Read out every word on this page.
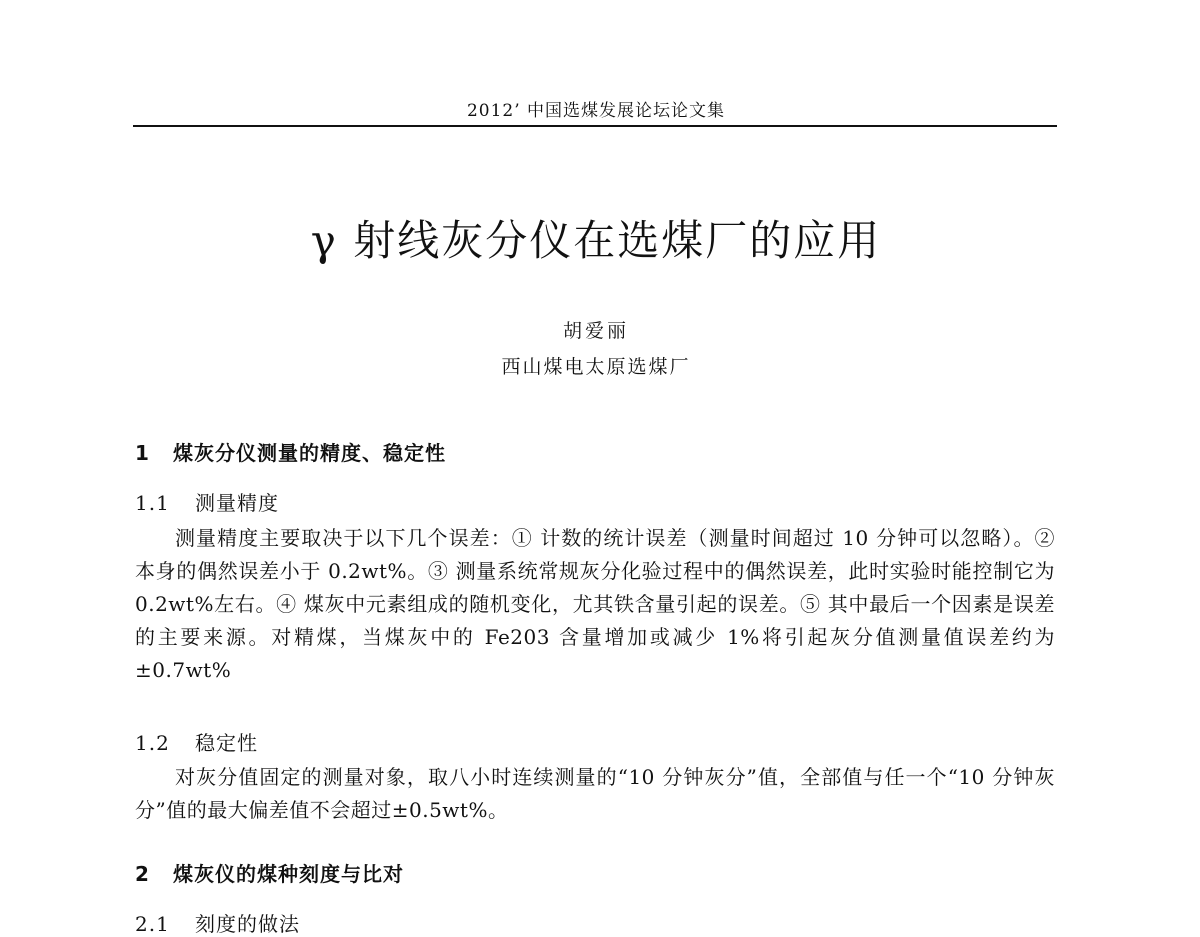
2012’ 中国选煤发展论坛论文集
γ 射线灰分仪在选煤厂的应用
胡爱丽
西山煤电太原选煤厂
1 煤灰分仪测量的精度、稳定性
1.1 测量精度

测量精度主要取决于以下几个误差：① 计数的统计误差（测量时间超过 10 分钟可以忽略）。② 本身的偶然误差小于 0.2wt%。③ 测量系统常规灰分化验过程中的偶然误差，此时实验时能控制它为 0.2wt%左右。④ 煤灰中元素组成的随机变化，尤其铁含量引起的误差。⑤ 其中最后一个因素是误差的主要来源。对精煤，当煤灰中的 Fe203 含量增加或减少 1%将引起灰分值测量值误差约为±0.7wt%

1.2 稳定性

对灰分值固定的测量对象，取八小时连续测量的“10 分钟灰分”值，全部值与任一个“10 分钟灰分”值的最大偏差值不会超过±0.5wt%。

2 煤灰仪的煤种刻度与比对
2.1 刻度的做法
